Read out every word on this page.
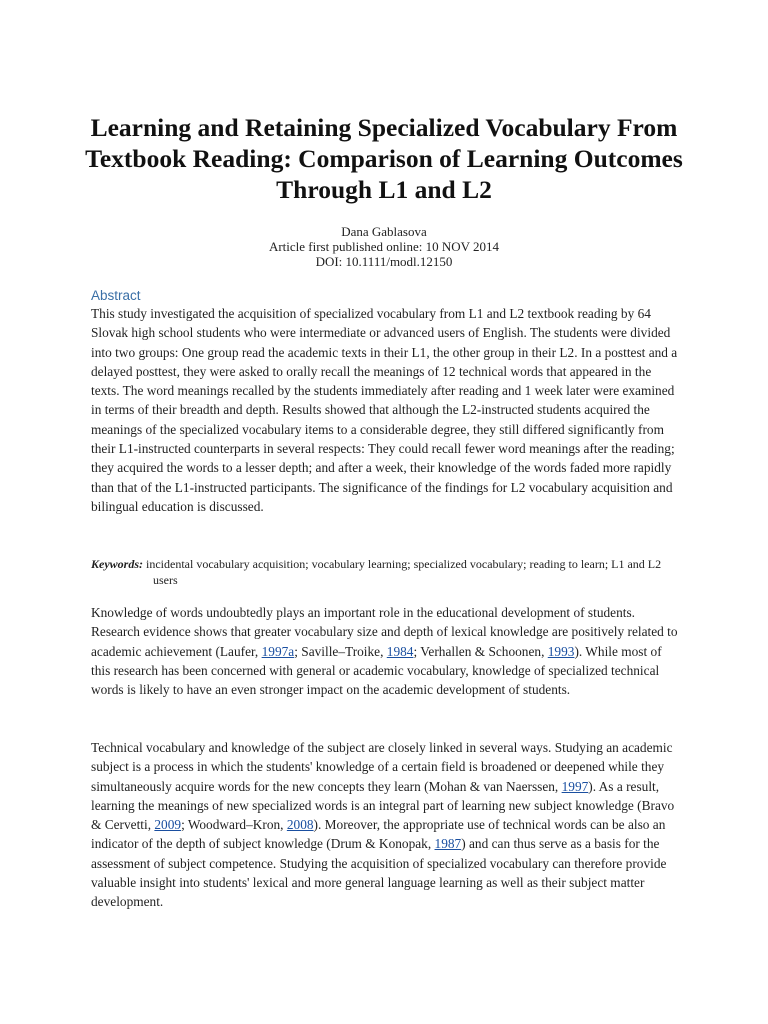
Learning and Retaining Specialized Vocabulary From Textbook Reading: Comparison of Learning Outcomes Through L1 and L2
Dana Gablasova
Article first published online: 10 NOV 2014
DOI: 10.1111/modl.12150
Abstract

This study investigated the acquisition of specialized vocabulary from L1 and L2 textbook reading by 64 Slovak high school students who were intermediate or advanced users of English. The students were divided into two groups: One group read the academic texts in their L1, the other group in their L2. In a posttest and a delayed posttest, they were asked to orally recall the meanings of 12 technical words that appeared in the texts. The word meanings recalled by the students immediately after reading and 1 week later were examined in terms of their breadth and depth. Results showed that although the L2-instructed students acquired the meanings of the specialized vocabulary items to a considerable degree, they still differed significantly from their L1-instructed counterparts in several respects: They could recall fewer word meanings after the reading; they acquired the words to a lesser depth; and after a week, their knowledge of the words faded more rapidly than that of the L1-instructed participants. The significance of the findings for L2 vocabulary acquisition and bilingual education is discussed.

Keywords: incidental vocabulary acquisition; vocabulary learning; specialized vocabulary; reading to learn; L1 and L2 users

Knowledge of words undoubtedly plays an important role in the educational development of students. Research evidence shows that greater vocabulary size and depth of lexical knowledge are positively related to academic achievement (Laufer, 1997a; Saville–Troike, 1984; Verhallen & Schoonen, 1993). While most of this research has been concerned with general or academic vocabulary, knowledge of specialized technical words is likely to have an even stronger impact on the academic development of students.

Technical vocabulary and knowledge of the subject are closely linked in several ways. Studying an academic subject is a process in which the students' knowledge of a certain field is broadened or deepened while they simultaneously acquire words for the new concepts they learn (Mohan & van Naerssen, 1997). As a result, learning the meanings of new specialized words is an integral part of learning new subject knowledge (Bravo & Cervetti, 2009; Woodward–Kron, 2008). Moreover, the appropriate use of technical words can be also an indicator of the depth of subject knowledge (Drum & Konopak, 1987) and can thus serve as a basis for the assessment of subject competence. Studying the acquisition of specialized vocabulary can therefore provide valuable insight into students' lexical and more general language learning as well as their subject matter development.
